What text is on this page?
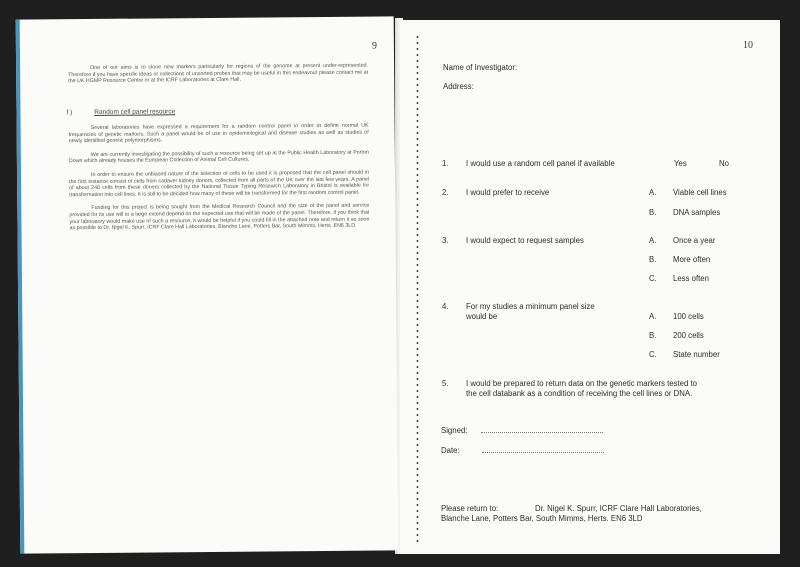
9

One of our aims is to clone new markers particularly for regions of the genome at present under-represented. Therefore if you have specific ideas or collections of unsorted probes that may be useful in this endeavour please contact me at the UK HGMP Resource Centre or at the ICRF Laboratories at Clare Hall.

f )	Random cell panel resource

Several laboratories have expressed a requirement for a random control panel in order to define normal UK frequencies of genetic markers. Such a panel would be of use in epidemiological and disease studies as well as studies of newly identified genetic polymorphisms.

We are currently investigating the possibility of such a resource being set up at the Public Health Laboratory at Porton Down which already houses the European Collection of Animal Cell Cultures.

In order to ensure the unbiased nature of the selection of cells to be used it is proposed that the cell panel should in the first instance consist of cells from cadaver kidney donors, collected from all parts of the UK over the last few years. A panel of about 240 cells from these donors collected by the National Tissue Typing Research Laboratory in Bristol is available for transformation into cell lines. It is still to be decided how many of these will be transformed for the first random control panel.

Funding for this project is being sought from the Medical Research Council and the size of the panel and service provided for its use will to a large extend depend on the expected use that will be made of the panel. Therefore, if you think that your laboratory would make use of such a resource, it would be helpful if you could fill in the attached note and return it as soon as possible to Dr. Nigel K. Spurr, ICRF Clare Hall Laboratories, Blanche Lane, Potters Bar, South Mimms, Herts. EN6 3LD.

10
Name of Investigator:
Address:
1. I would use a random cell panel if available	Yes	No
2. I would prefer to receive	A. Viable cell lines
B. DNA samples
3. I would expect to request samples	A. Once a year
B. More often
C. Less often
4. For my studies a minimum panel size
would be	A. 100 cells
B. 200 cells
C. State number
5. I would be prepared to return data on the genetic markers tested to
the cell databank as a condition of receiving the cell lines or DNA.
Signed:
Date:
Please return to:	Dr. Nigel K. Spurr, ICRF Clare Hall Laboratories,
Blanche Lane, Potters Bar, South Mimms, Herts. EN6 3LD
